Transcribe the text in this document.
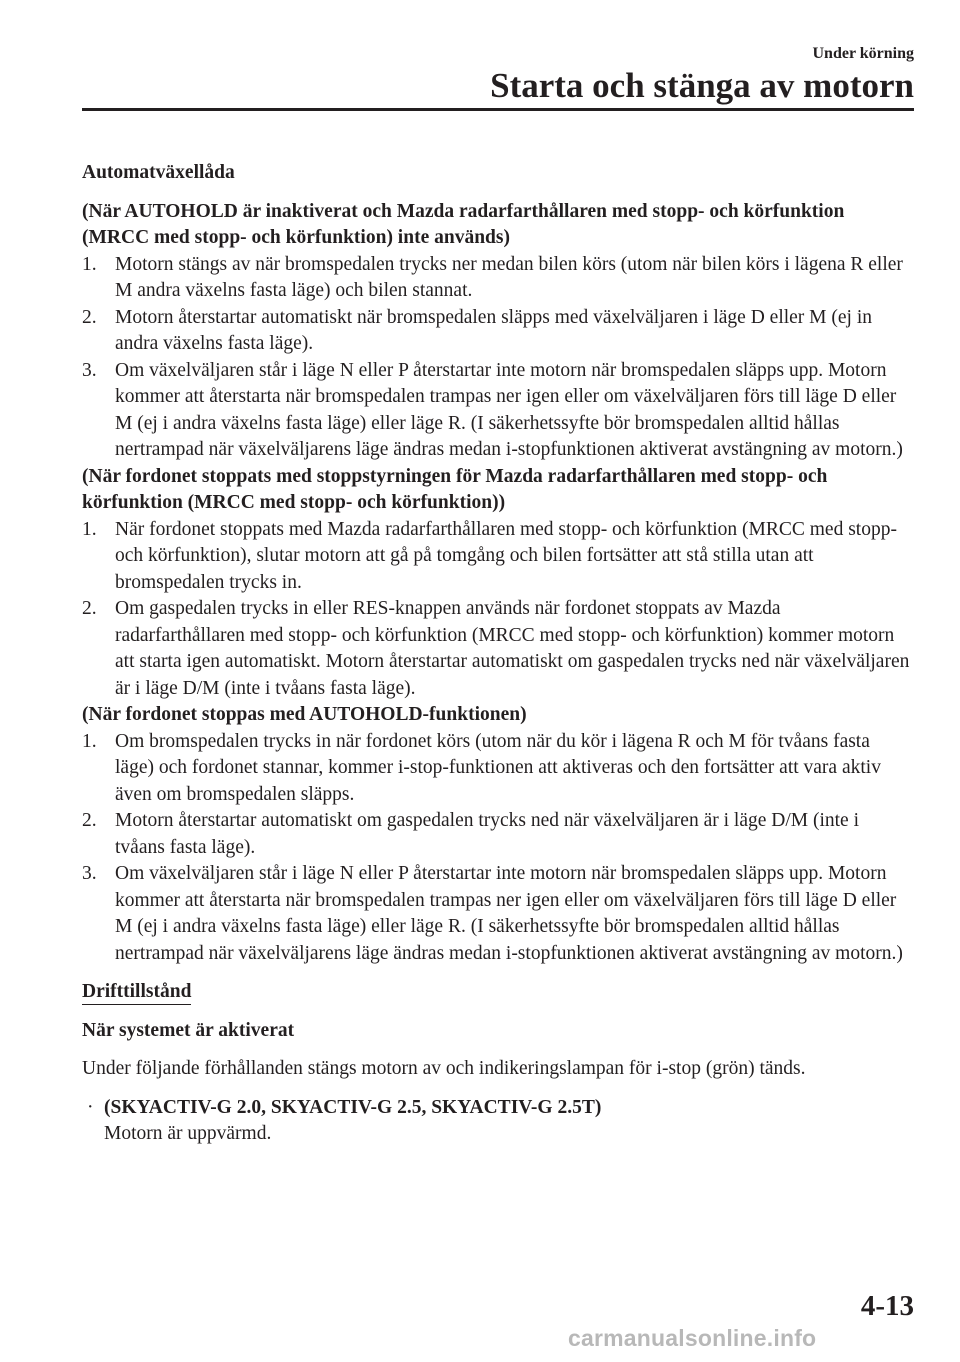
Under körning
Starta och stänga av motorn
Automatväxellåda
(När AUTOHOLD är inaktiverat och Mazda radarfarthållaren med stopp- och körfunktion (MRCC med stopp- och körfunktion) inte används)
1. Motorn stängs av när bromspedalen trycks ner medan bilen körs (utom när bilen körs i lägena R eller M andra växelns fasta läge) och bilen stannat.
2. Motorn återstartar automatiskt när bromspedalen släpps med växelväljaren i läge D eller M (ej in andra växelns fasta läge).
3. Om växelväljaren står i läge N eller P återstartar inte motorn när bromspedalen släpps upp. Motorn kommer att återstarta när bromspedalen trampas ner igen eller om växelväljaren förs till läge D eller M (ej i andra växelns fasta läge) eller läge R. (I säkerhetssyfte bör bromspedalen alltid hållas nertrampad när växelväljarens läge ändras medan i-stopfunktionen aktiverat avstängning av motorn.)
(När fordonet stoppats med stoppstyrningen för Mazda radarfarthållaren med stopp- och körfunktion (MRCC med stopp- och körfunktion))
1. När fordonet stoppats med Mazda radarfarthållaren med stopp- och körfunktion (MRCC med stopp- och körfunktion), slutar motorn att gå på tomgång och bilen fortsätter att stå stilla utan att bromspedalen trycks in.
2. Om gaspedalen trycks in eller RES-knappen används när fordonet stoppats av Mazda radarfarthållaren med stopp- och körfunktion (MRCC med stopp- och körfunktion) kommer motorn att starta igen automatiskt. Motorn återstartar automatiskt om gaspedalen trycks ned när växelväljaren är i läge D/M (inte i tvåans fasta läge).
(När fordonet stoppas med AUTOHOLD-funktionen)
1. Om bromspedalen trycks in när fordonet körs (utom när du kör i lägena R och M för tvåans fasta läge) och fordonet stannar, kommer i-stop-funktionen att aktiveras och den fortsätter att vara aktiv även om bromspedalen släpps.
2. Motorn återstartar automatiskt om gaspedalen trycks ned när växelväljaren är i läge D/M (inte i tvåans fasta läge).
3. Om växelväljaren står i läge N eller P återstartar inte motorn när bromspedalen släpps upp. Motorn kommer att återstarta när bromspedalen trampas ner igen eller om växelväljaren förs till läge D eller M (ej i andra växelns fasta läge) eller läge R. (I säkerhetssyfte bör bromspedalen alltid hållas nertrampad när växelväljarens läge ändras medan i-stopfunktionen aktiverat avstängning av motorn.)
Drifttillstånd
När systemet är aktiverat
Under följande förhållanden stängs motorn av och indikeringslampan för i-stop (grön) tänds.
· (SKYACTIV-G 2.0, SKYACTIV-G 2.5, SKYACTIV-G 2.5T)
Motorn är uppvärmd.
4-13
carmanualsonline.info
